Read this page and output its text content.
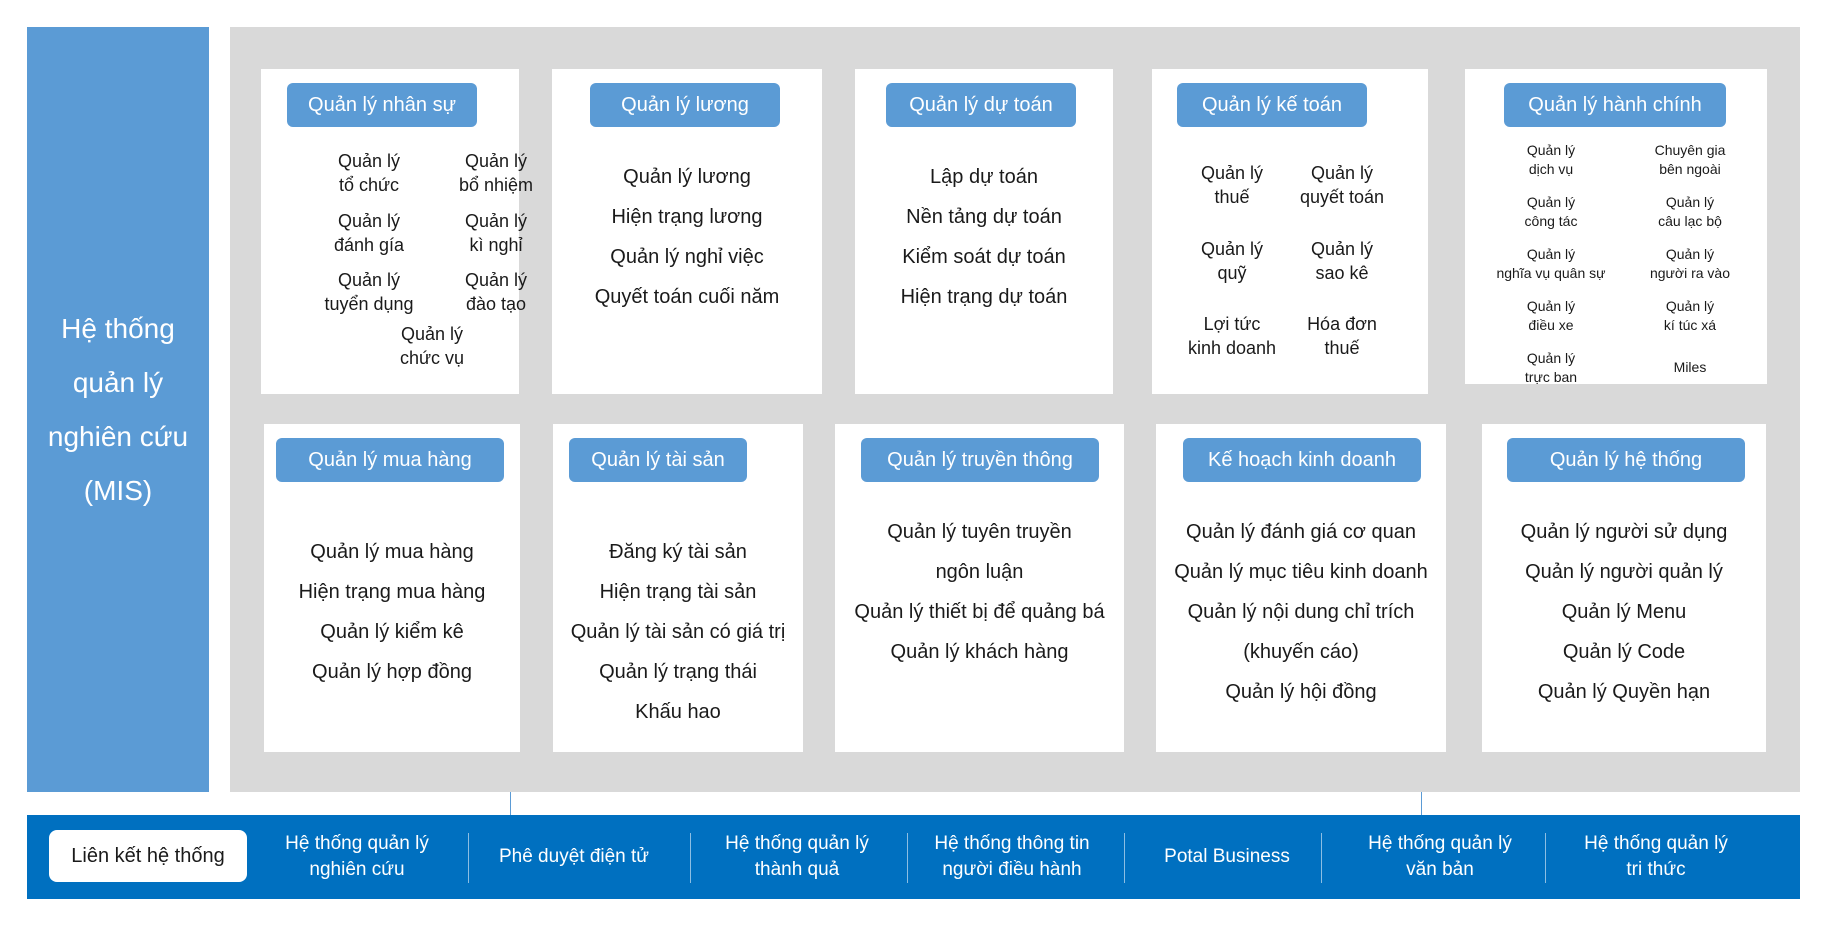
Hệ thống
quản lý
nghiên cứu
(MIS)
Quản lý nhân sự
Quản lý
tổ chức
Quản lý
bổ nhiệm
Quản lý
đánh gía
Quản lý
kì nghỉ
Quản lý
tuyển dụng
Quản lý
đào tạo
Quản lý
chức vụ
Quản lý lương
Quản lý lương
Hiện trạng lương
Quản lý nghỉ việc
Quyết toán cuối năm
Quản lý dự toán
Lập dự toán
Nền tảng dự toán
Kiểm soát dự toán
Hiện trạng dự toán
Quản lý kế toán
Quản lý
thuế
Quản lý
quyết toán
Quản lý
quỹ
Quản lý
sao kê
Lợi tức
kinh doanh
Hóa đơn
thuế
Quản lý hành chính
Quản lý
dịch vụ
Chuyên gia
bên ngoài
Quản lý
công tác
Quản lý
câu lạc bộ
Quản lý
nghĩa vụ quân sự
Quản lý
người ra vào
Quản lý
điều xe
Quản lý
kí túc xá
Quản lý
trực ban
Miles
Quản lý mua hàng
Quản lý mua hàng
Hiện trạng mua hàng
Quản lý kiểm kê
Quản lý hợp đồng
Quản lý tài sản
Đăng ký tài sản
Hiện trạng tài sản
Quản lý tài sản có giá trị
Quản lý trạng thái
Khấu hao
Quản lý truyền thông
Quản lý tuyên truyền
ngôn luận
Quản lý thiết bị để quảng bá
Quản lý khách hàng
Kế hoạch kinh doanh
Quản lý đánh giá cơ quan
Quản lý mục tiêu kinh doanh
Quản lý nội dung chỉ trích
(khuyến cáo)
Quản lý hội đồng
Quản lý hệ thống
Quản lý người sử dụng
Quản lý người quản lý
Quản lý Menu
Quản lý Code
Quản lý Quyền hạn
Liên kết hệ thống
Hệ thống quản lý
nghiên cứu
Phê duyệt điện tử
Hệ thống quản lý
thành quả
Hệ thống thông tin
người điều hành
Potal Business
Hệ thống quản lý
văn bản
Hệ thống quản lý
tri thức
